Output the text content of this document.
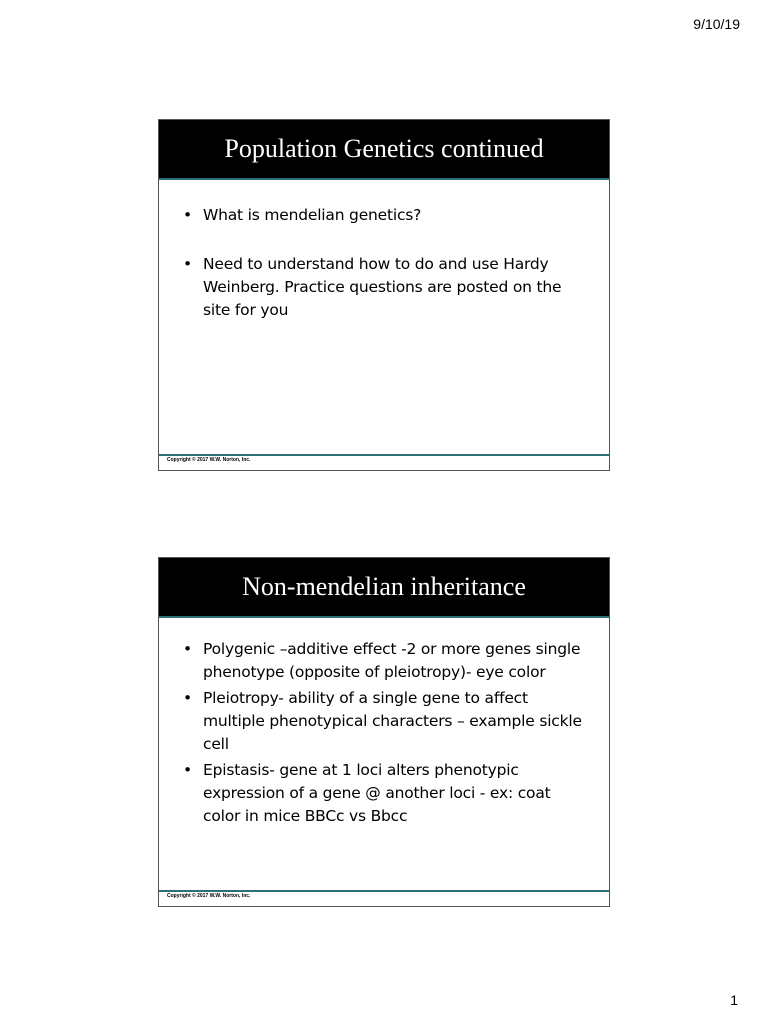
9/10/19
Population Genetics continued
• What is mendelian genetics?
• Need to understand how to do and use Hardy Weinberg. Practice questions are posted on the site for you
Copyright © 2017 W.W. Norton, Inc.
Non-mendelian inheritance
• Polygenic –additive effect -2 or more genes single phenotype (opposite of pleiotropy)- eye color
• Pleiotropy- ability of a single gene to affect multiple phenotypical characters – example sickle cell
• Epistasis- gene at 1 loci alters phenotypic expression of a gene @ another loci - ex: coat color in mice BBCc vs Bbcc
Copyright © 2017 W.W. Norton, Inc.
1
